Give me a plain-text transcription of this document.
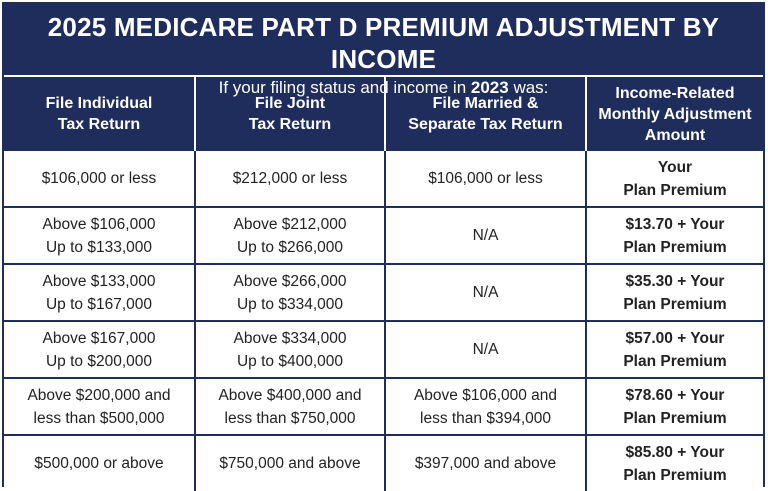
2025 MEDICARE PART D PREMIUM ADJUSTMENT BY INCOME
If your filing status and income in 2023 was:
File Individual
Tax Return	File Joint
Tax Return	File Married &
Separate Tax Return	Income-Related
Monthly Adjustment
Amount
$106,000 or less	$212,000 or less	$106,000 or less	Your
Plan Premium
Above $106,000
Up to $133,000	Above $212,000
Up to $266,000	N/A	$13.70 + Your
Plan Premium
Above $133,000
Up to $167,000	Above $266,000
Up to $334,000	N/A	$35.30 + Your
Plan Premium
Above $167,000
Up to $200,000	Above $334,000
Up to $400,000	N/A	$57.00 + Your
Plan Premium
Above $200,000 and
less than $500,000	Above $400,000 and
less than $750,000	Above $106,000 and
less than $394,000	$78.60 + Your
Plan Premium
$500,000 or above	$750,000 and above	$397,000 and above	$85.80 + Your
Plan Premium
